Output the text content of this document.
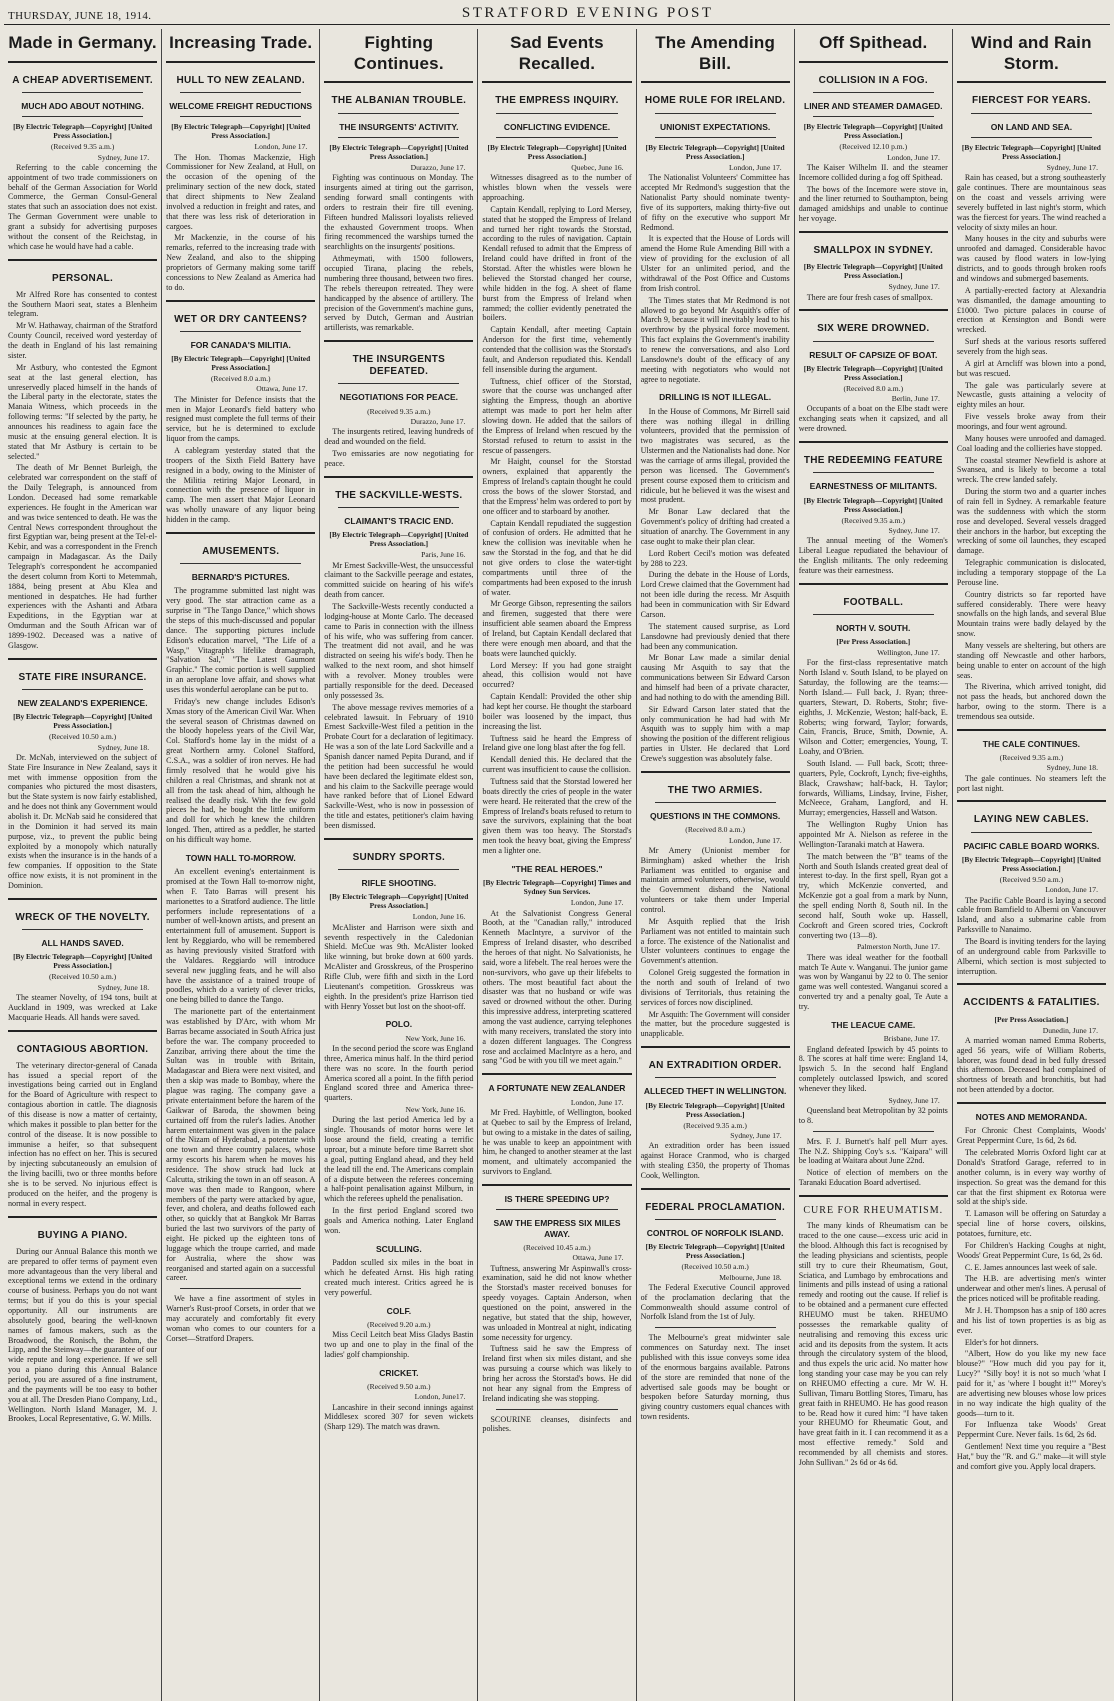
THURSDAY, JUNE 18, 1914.	STRATFORD EVENING POST
Made in Germany.
A CHEAP ADVERTISEMENT.
MUCH ADO ABOUT NOTHING.
[By Electric Telegraph—Copyright] [United Press Association.]
(Received 9.35 a.m.)
Sydney, June 17.

Referring to the cable concerning the appointment of two trade commissioners on behalf of the German Association for World Commerce, the German Consul-General states that such an association does not exist. The German Government were unable to grant a subsidy for advertising purposes without the consent of the Reichstag, in which case he would have had a cable.

PERSONAL.

Mr Alfred Rore has consented to contest the Southern Maori seat, states a Blenheim telegram.

Mr W. Hathaway, chairman of the Stratford County Council, received word yesterday of the death in England of his last remaining sister.

Mr Astbury, who contested the Egmont seat at the last general election, has unreservedly placed himself in the hands of the Liberal party in the electorate, states the Manaia Witness, which proceeds in the following terms: "If selected by the party, he announces his readiness to again face the music at the ensuing general election. It is stated that Mr Astbury is certain to be selected."

The death of Mr Bennet Burleigh, the celebrated war correspondent on the staff of the Daily Telegraph, is announced from London. Deceased had some remarkable experiences. He fought in the American war and was twice sentenced to death. He was the Central News correspondent throughout the first Egyptian war, being present at the Tel-el-Kebir, and was a correspondent in the French campaign in Madagascar. As the Daily Telegraph's correspondent he accompanied the desert column from Korti to Metemmah, 1884, being present at Abu Klea and mentioned in despatches. He had further experiences with the Ashanti and Atbara Expeditions, in the Egyptian war at Omdurman and the South African war of 1899-1902. Deceased was a native of Glasgow.

STATE FIRE INSURANCE.
NEW ZEALAND'S EXPERIENCE.
[By Electric Telegraph—Copyright] [United Press Association.]
(Received 10.50 a.m.)
Sydney, June 18.

Dr. McNab, interviewed on the subject of State Fire Insurance in New Zealand, says it met with immense opposition from the companies who pictured the most disasters, but the State system is now fairly established, and he does not think any Government would abolish it. Dr. McNab said he considered that in the Dominion it had served its main purpose, viz., to prevent the public being exploited by a monopoly which naturally exists when the insurance is in the hands of a few companies. If opposition to the State office now exists, it is not prominent in the Dominion.

WRECK OF THE NOVELTY.
ALL HANDS SAVED.
[By Electric Telegraph—Copyright] [United Press Association.]
(Received 10.50 a.m.)
Sydney, June 18.

The steamer Novelty, of 194 tons, built at Auckland in 1909, was wrecked at Lake Macquarie Heads. All hands were saved.

CONTAGIOUS ABORTION.

The veterinary director-general of Canada has issued a special report of the investigations being carried out in England for the Board of Agriculture with respect to contagious abortion in cattle. The diagnosis of this disease is now a matter of certainty, which makes it possible to plan better for the control of the disease. It is now possible to immunise a heifer, so that subsequent infection has no effect on her. This is secured by injecting subcutaneously an emulsion of the living bacilli, two or three months before she is to be served. No injurious effect is produced on the heifer, and the progeny is normal in every respect.

BUYING A PIANO.

During our Annual Balance this month we are prepared to offer terms of payment even more advantageous than the very liberal and exceptional terms we extend in the ordinary course of business. Perhaps you do not want terms; but if you do this is your special opportunity. All our instruments are absolutely good, bearing the well-known names of famous makers, such as the Broadwood, the Ronisch, the Bohm, the Lipp, and the Steinway—the guarantee of our wide repute and long experience. If we sell you a piano during this Annual Balance period, you are assured of a fine instrument, and the payments will be too easy to bother you at all. The Dresden Piano Company, Ltd., Wellington. North Island Manager, M. J. Brookes, Local Representative, G. W. Mills.

Increasing Trade.
HULL TO NEW ZEALAND.
WELCOME FREIGHT REDUCTIONS
[By Electric Telegraph—Copyright] [United Press Association.]
London, June 17.

The Hon. Thomas Mackenzie, High Commissioner for New Zealand, at Hull, on the occasion of the opening of the preliminary section of the new dock, stated that direct shipments to New Zealand involved a reduction in freight and rates, and that there was less risk of deterioration in cargoes.

Mr Mackenzie, in the course of his remarks, referred to the increasing trade with New Zealand, and also to the shipping proprietors of Germany making some tariff concessions to New Zealand as America had to do.

WET OR DRY CANTEENS?
FOR CANADA'S MILITIA.
[By Electric Telegraph—Copyright] [United Press Association.]
(Received 8.0 a.m.)
Ottawa, June 17.

The Minister for Defence insists that the men in Major Leonard's field battery who resigned must complete the full terms of their service, but he is determined to exclude liquor from the camps.

A cablegram yesterday stated that the troopers of the Sixth Field Battery have resigned in a body, owing to the Minister of the Militia retiring Major Leonard, in connection with the presence of liquor in camp. The men assert that Major Leonard was wholly unaware of any liquor being hidden in the camp.

AMUSEMENTS.
BERNARD'S PICTURES.

The programme submitted last night was very good. The star attraction came as a surprise in "The Tango Dance," which shows the steps of this much-discussed and popular dance. The supporting pictures include Edison's education marvel, "The Life of a Wasp," Vitagraph's lifelike dramagraph, "Salvation Sal," "The Latest Gaumont Graphic." The comic portion is well supplied in an aeroplane love affair, and shows what uses this wonderful aeroplane can be put to.

Friday's new change includes Edison's Xmas story of the American Civil War. When the several season of Christmas dawned on the bloody hopeless years of the Civil War, Col. Stafford's home lay in the midst of a great Northern army. Colonel Stafford, C.S.A., was a soldier of iron nerves. He had firmly resolved that he would give his children a real Christmas, and shrank not at all from the task ahead of him, although he realised the deadly risk. With the few gold pieces he had, he bought the little uniform and doll for which he knew the children longed. Then, attired as a peddler, he started on his difficult way home.

TOWN HALL TO-MORROW.

An excellent evening's entertainment is promised at the Town Hall to-morrow night, when F. Tato Barras will present his marionettes to a Stratford audience. The little performers include representations of a number of well-known artists, and present an entertainment full of amusement. Support is lent by Reggiardo, who will be remembered as having previously visited Stratford with the Valdares. Reggiardo will introduce several new juggling feats, and he will also have the assistance of a trained troupe of poodles, which do a variety of clever tricks, one being billed to dance the Tango.

The marionette part of the entertainment was established by D'Arc, with whom Mr Barras became associated in South Africa just before the war. The company proceeded to Zanzibar, arriving there about the time the Sultan was in trouble with Britain, Madagascar and Biera were next visited, and then a skip was made to Bombay, where the plague was raging. The company gave a private entertainment before the harem of the Gaikwar of Baroda, the showmen being curtained off from the ruler's ladies. Another harem entertainment was given in the palace of the Nizam of Hyderabad, a potentate with one town and three country palaces, whose army escorts his harem when he moves his residence. The show struck had luck at Calcutta, striking the town in an off season. A move was then made to Rangoon, where members of the party were attacked by ague, fever, and cholera, and deaths followed each other, so quickly that at Bangkok Mr Barras buried the last two survivors of the party of eight. He picked up the eighteen tons of luggage which the troupe carried, and made for Australia, where the show was reorganised and started again on a successful career.

We have a fine assortment of styles in Warner's Rust-proof Corsets, in order that we may accurately and comfortably fit every woman who comes to our counters for a Corset—Stratford Drapers.

Fighting Continues.
THE ALBANIAN TROUBLE.
THE INSURGENTS' ACTIVITY.
[By Electric Telegraph—Copyright] [United Press Association.]
Durazzo, June 17.

Fighting was continuous on Monday. The insurgents aimed at tiring out the garrison, sending forward small contingents with orders to restrain their fire till evening. Fifteen hundred Malissori loyalists relieved the exhausted Government troops. When firing recommenced the warships turned the searchlights on the insurgents' positions.

Athmeymati, with 1500 followers, occupied Tirana, placing the rebels, numbering three thousand, between two fires. The rebels thereupon retreated. They were handicapped by the absence of artillery. The precision of the Government's machine guns, served by Dutch, German and Austrian artillerists, was remarkable.

THE INSURGENTS DEFEATED.
NEGOTIATIONS FOR PEACE.
(Received 9.35 a.m.)
Durazzo, June 17.

The insurgents retired, leaving hundreds of dead and wounded on the field.

Two emissaries are now negotiating for peace.

THE SACKVILLE-WESTS.
CLAIMANT'S TRACIC END.
[By Electric Telegraph—Copyright] [United Press Association.]
Paris, June 16.

Mr Ernest Sackville-West, the unsuccessful claimant to the Sackville peerage and estates, committed suicide on hearing of his wife's death from cancer.

The Sackville-Wests recently conducted a lodging-house at Monte Carlo. The deceased came to Paris in connection with the illness of his wife, who was suffering from cancer. The treatment did not avail, and he was distracted on seeing his wife's body. Then he walked to the next room, and shot himself with a revolver. Money troubles were partially responsible for the deed. Deceased only possessed 3s.

The above message revives memories of a celebrated lawsuit. In February of 1910 Ernest Sackville-West filed a petition in the Probate Court for a declaration of legitimacy. He was a son of the late Lord Sackville and a Spanish dancer named Pepita Durand, and if the petition had been successful he would have been declared the legitimate eldest son, and his claim to the Sackville peerage would have ranked before that of Lionel Edward Sackville-West, who is now in possession of the title and estates, petitioner's claim having been dismissed.

SUNDRY SPORTS.
RIFLE SHOOTING.
[By Electric Telegraph—Copyright] [United Press Association.]
London, June 16.

McAlister and Harrison were sixth and seventh respectively in the Caledonian Shield. McCue was 9th. McAlister looked like winning, but broke down at 600 yards. McAlister and Grosskreus, of the Prosperino Rifle Club, were fifth and sixth in the Lord Lieutenant's competition. Grosskreus was eighth. In the president's prize Harrison tied with Henry Yosset but lost on the shoot-off.

POLO.
New York, June 16.

In the second period the score was England three, America minus half. In the third period there was no score. In the fourth period America scored all a point. In the fifth period England scored three and America three-quarters.

New York, June 16.

During the last period America led by a single. Thousands of motor horns were let loose around the field, creating a terrific uproar, but a minute before time Barrett shot a goal, putting England ahead, and they held the lead till the end. The Americans complain of a dispute between the referees concerning a half-point penalisation against Milburn, in which the referees upheld the penalisation.

In the first period England scored two goals and America nothing. Later England won.

SCULLING.

Paddon sculled six miles in the boat in which he defeated Arnst. His high rating created much interest. Critics agreed he is very powerful.

COLF.
(Received 9.20 a.m.)

Miss Cecil Leitch beat Miss Gladys Bastin two up and one to play in the final of the ladies' golf championship.

CRICKET.
(Received 9.50 a.m.)
London, June17.

Lancashire in their second innings against Middlesex scored 307 for seven wickets (Sharp 129). The match was drawn.

Sad Events Recalled.
THE EMPRESS INQUIRY.
CONFLICTING EVIDENCE.
[By Electric Telegraph—Copyright] [United Press Association.]
Quebec, June 16.

Witnesses disagreed as to the number of whistles blown when the vessels were approaching.

Captain Kendall, replying to Lord Mersey, stated that he stopped the Empress of Ireland and turned her right towards the Storstad, according to the rules of navigation. Captain Kendall refused to admit that the Empress of Ireland could have drifted in front of the Storstad. After the whistles were blown he believed the Storstad changed her course, while hidden in the fog. A sheet of flame burst from the Empress of Ireland when rammed; the collier evidently penetrated the boilers.

Captain Kendall, after meeting Captain Anderson for the first time, vehemently contended that the collision was the Storstad's fault, and Anderson repudiated this. Kendall fell insensible during the argument.

Tuftness, chief officer of the Storstad, swore that the course was unchanged after sighting the Empress, though an abortive attempt was made to port her helm after slowing down. He added that the sailors of the Empress of Ireland when rescued by the Storstad refused to return to assist in the rescue of passengers.

Mr Haight, counsel for the Storstad owners, explained that apparently the Empress of Ireland's captain thought he could cross the bows of the slower Storstad, and that the Empress' helm was ordered to port by one officer and to starboard by another.

Captain Kendall repudiated the suggestion of confusion of orders. He admitted that he knew the collision was inevitable when he saw the Storstad in the fog, and that he did not give orders to close the water-tight compartments until three of the compartments had been exposed to the inrush of water.

Mr George Gibson, representing the sailors and firemen, suggested that there were insufficient able seamen aboard the Empress of Ireland, but Captain Kendall declared that there were enough men aboard, and that the boats were launched quickly.

Lord Mersey: If you had gone straight ahead, this collision would not have occurred?

Captain Kendall: Provided the other ship had kept her course. He thought the starboard boiler was loosened by the impact, thus increasing the list.

Tuftness said he heard the Empress of Ireland give one long blast after the fog fell.

Kendall denied this. He declared that the current was insufficient to cause the collision.

Tuftness said that the Storstad lowered her boats directly the cries of people in the water were heard. He reiterated that the crew of the Empress of Ireland's boats refused to return to save the survivors, explaining that the boat given them was too heavy. The Storstad's men took the heavy boat, giving the Empress' men a lighter one.

"THE REAL HEROES."
[By Electric Telegraph—Copyright] Times and Sydney Sun Services.
London, June 17.

At the Salvationist Congress General Booth, at the "Canadian rally," introduced Kenneth MacIntyre, a survivor of the Empress of Ireland disaster, who described the heroes of that night. No Salvationists, he said, wore a lifebelt. The real heroes were the non-survivors, who gave up their lifebelts to others. The most beautiful fact about the disaster was that no husband or wife was saved or drowned without the other. During this impressive address, interpreting scattered among the vast audience, carrying telephones with many receivers, translated the story into a dozen different languages. The Congress rose and acclaimed MacIntyre as a hero, and sang "God be with you till we meet again."

A FORTUNATE NEW ZEALANDER
London, June 17.

Mr Fred. Haybittle, of Wellington, booked at Quebec to sail by the Empress of Ireland, but owing to a mistake in the dates of sailing, he was unable to keep an appointment with him, he changed to another steamer at the last moment, and ultimately accompanied the survivors to England.

IS THERE SPEEDING UP?
SAW THE EMPRESS SIX MILES AWAY.
(Received 10.45 a.m.)
Ottawa, June 17.

Tuftness, answering Mr Aspinwall's cross-examination, said he did not know whether the Storstad's master received bonuses for speedy voyages. Captain Anderson, when questioned on the point, answered in the negative, but stated that the ship, however, was unloaded in Montreal at night, indicating some necessity for urgency.

Tuftness said he saw the Empress of Ireland first when six miles distant, and she was pursuing a course which was likely to bring her across the Storstad's bows. He did not hear any signal from the Empress of Ireland indicating she was stopping.

SCOURINE cleanses, disinfects and polishes.

The Amending Bill.
HOME RULE FOR IRELAND.
UNIONIST EXPECTATIONS.
[By Electric Telegraph—Copyright] [United Press Association.]
London, June 17.

The Nationalist Volunteers' Committee has accepted Mr Redmond's suggestion that the Nationalist Party should nominate twenty-five of its supporters, making thirty-five out of fifty on the executive who support Mr Redmond.

It is expected that the House of Lords will amend the Home Rule Amending Bill with a view of providing for the exclusion of all Ulster for an unlimited period, and the withdrawal of the Post Office and Customs from Irish control.

The Times states that Mr Redmond is not allowed to go beyond Mr Asquith's offer of March 9, because it will inevitably lead to his overthrow by the physical force movement. This fact explains the Government's inability to renew the conversations, and also Lord Lansdowne's doubt of the efficacy of any meeting with negotiators who would not agree to negotiate.

DRILLING IS NOT ILLEGAL.

In the House of Commons, Mr Birrell said there was nothing illegal in drilling volunteers, provided that the permission of two magistrates was secured, as the Ulstermen and the Nationalists had done. Nor was the carriage of arms illegal, provided the person was licensed. The Government's present course exposed them to criticism and ridicule, but he believed it was the wisest and most prudent.

Mr Bonar Law declared that the Government's policy of drifting had created a situation of anarchy. The Government in any case ought to make their plan clear.

Lord Robert Cecil's motion was defeated by 288 to 223.

During the debate in the House of Lords, Lord Crewe claimed that the Government had not been idle during the recess. Mr Asquith had been in communication with Sir Edward Carson.

The statement caused surprise, as Lord Lansdowne had previously denied that there had been any communication.

Mr Bonar Law made a similar denial causing Mr Asquith to say that the communications between Sir Edward Carson and himself had been of a private character, and had nothing to do with the amending Bill.

Sir Edward Carson later stated that the only communication he had had with Mr Asquith was to supply him with a map showing the position of the different religious parties in Ulster. He declared that Lord Crewe's suggestion was absolutely false.

THE TWO ARMIES.
QUESTIONS IN THE COMMONS.
(Received 8.0 a.m.)
London, June 17.

Mr Amery (Unionist member for Birmingham) asked whether the Irish Parliament was entitled to organise and maintain armed volunteers, otherwise, would the Government disband the National volunteers or take them under Imperial control.

Mr Asquith replied that the Irish Parliament was not entitled to maintain such a force. The existence of the Nationalist and Ulster volunteers continues to engage the Government's attention.

Colonel Greig suggested the formation in the north and south of Ireland of two divisions of Territorials, thus retaining the services of forces now disciplined.

Mr Asquith: The Government will consider the matter, but the procedure suggested is unapplicable.

AN EXTRADITION ORDER.
ALLECED THEFT IN WELLINGTON.
[By Electric Telegraph—Copyright] [United Press Association.]
(Received 9.35 a.m.)
Sydney, June 17.

An extradition order has been issued against Horace Cranmod, who is charged with stealing £350, the property of Thomas Cook, Wellington.

FEDERAL PROCLAMATION.
CONTROL OF NORFOLK ISLAND.
[By Electric Telegraph—Copyright] [United Press Association.]
(Received 10.50 a.m.)
Melbourne, June 18.

The Federal Executive Council approved of the proclamation declaring that the Commonwealth should assume control of Norfolk Island from the 1st of July.

The Melbourne's great midwinter sale commences on Saturday next. The inset published with this issue conveys some idea of the enormous bargains available. Patrons of the store are reminded that none of the advertised sale goods may be bought or bespoken before Saturday morning, thus giving country customers equal chances with town residents.

Off Spithead.
COLLISION IN A FOG.
LINER AND STEAMER DAMAGED.
[By Electric Telegraph—Copyright] [United Press Association.]
(Received 12.10 p.m.)
London, June 17.

The Kaiser Wilhelm II. and the steamer Incemore collided during a fog off Spithead.

The bows of the Incemore were stove in, and the liner returned to Southampton, being damaged amidships and unable to continue her voyage.

SMALLPOX IN SYDNEY.
[By Electric Telegraph—Copyright] [United Press Association.]
Sydney, June 17.

There are four fresh cases of smallpox.

SIX WERE DROWNED.
RESULT OF CAPSIZE OF BOAT.
[By Electric Telegraph—Copyright] [United Press Association.]
(Received 8.0 a.m.)
Berlin, June 17.

Occupants of a boat on the Elbe stadt were exchanging seats when it capsized, and all were drowned.

THE REDEEMING FEATURE
EARNESTNESS OF MILITANTS.
[By Electric Telegraph—Copyright] [United Press Association.]
(Received 9.35 a.m.)
Sydney, June 17.

The annual meeting of the Women's Liberal League repudiated the behaviour of the English militants. The only redeeming feature was their earnestness.

FOOTBALL.
NORTH V. SOUTH.
[Per Press Association.]
Wellington, June 17.

For the first-class representative match North Island v. South Island, to be played on Saturday, the following are the teams:—North Island.— Full back, J. Ryan; three-quarters, Stewart, D. Roberts, Stohr; five-eighths, J. McKenzie, Weston; half-back, E. Roberts; wing forward, Taylor; forwards, Cain, Francis, Bruce, Smith, Downie, A. Wilson and Cotter; emergencies, Young, T. Loahy, and O'Brien.

South Island. — Full back, Scott; three-quarters, Pyle, Cockroft, Lynch; five-eighths, Black, Crawshaw; half-back, H. Taylor; forwards, Williams, Lindsay, Irvine, Fisher, McNeece, Graham, Langford, and H. Murray; emergencies, Hassell and Watson.

The Wellington Rugby Union has appointed Mr A. Nielson as referee in the Wellington-Taranaki match at Hawera.

The match between the "B" teams of the North and South Islands created great deal of interest to-day. In the first spell, Ryan got a try, which McKenzie converted, and McKenzie got a goal from a mark by Nunn, the spell ending North 8, South nil. In the second half, South woke up. Hassell, Cockroft and Green scored tries, Cockroft converting two (13—8).

Palmerston North, June 17.

There was ideal weather for the football match Te Aute v. Wanganui. The junior game was won by Wanganui by 22 to 0. The senior game was well contested. Wanganui scored a converted try and a penalty goal, Te Aute a try.

THE LEACUE CAME.
Brisbane, June 17.

England defeated Ipswich by 45 points to 8. The scores at half time were: England 14, Ipswich 5. In the second half England completely outclassed Ipswich, and scored whenever they liked.

Sydney, June 17.

Queensland beat Metropolitan by 32 points to 8.

Mrs. F. J. Burnett's half pell Murr ayes. The N.Z. Shipping Coy's s.s. "Kaipara" will be loading at Waitara about June 22nd.

Notice of election of members on the Taranaki Education Board advertised.

CURE FOR RHEUMATISM.

The many kinds of Rheumatism can be traced to the one cause—excess uric acid in the blood. Although this fact is recognised by the leading physicians and scientists, people still try to cure their Rheumatism, Gout, Sciatica, and Lumbago by embrocations and liniments and pills instead of using a rational remedy and rooting out the cause. If relief is to be obtained and a permanent cure effected RHEUMO must be taken. RHEUMO possesses the remarkable quality of neutralising and removing this excess uric acid and its deposits from the system. It acts through the circulatory system of the blood, and thus expels the uric acid. No matter how long standing your case may be you can rely on RHEUMO effecting a cure. Mr W. H. Sullivan, Timaru Bottling Stores, Timaru, has great faith in RHEUMO. He has good reason to be. Read how it cured him: "I have taken your RHEUMO for Rheumatic Gout, and have great faith in it. I can recommend it as a most effective remedy." Sold and recommended by all chemists and stores. John Sullivan." 2s 6d or 4s 6d.

Wind and Rain Storm.
FIERCEST FOR YEARS.
ON LAND AND SEA.
[By Electric Telegraph—Copyright] [United Press Association.]
Sydney, June 17.

Rain has ceased, but a strong southeasterly gale continues. There are mountainous seas on the coast and vessels arriving were severely buffeted in last night's storm, which was the fiercest for years. The wind reached a velocity of sixty miles an hour.

Many houses in the city and suburbs were unroofed and damaged. Considerable havoc was caused by flood waters in low-lying districts, and to goods through broken roofs and windows and submerged basements.

A partially-erected factory at Alexandria was dismantled, the damage amounting to £1000. Two picture palaces in course of erection at Kensington and Bondi were wrecked.

Surf sheds at the various resorts suffered severely from the high seas.

A girl at Arncliff was blown into a pond, but was rescued.

The gale was particularly severe at Newcastle, gusts attaining a velocity of eighty miles an hour.

Five vessels broke away from their moorings, and four went aground.

Many houses were unroofed and damaged. Coal loading and the collieries have stopped.

The coastal steamer Newfield is ashore at Swansea, and is likely to become a total wreck. The crew landed safely.

During the storm two and a quarter inches of rain fell in Sydney. A remarkable feature was the suddenness with which the storm rose and developed. Several vessels dragged their anchors in the harbor, but excepting the wrecking of some oil launches, they escaped damage.

Telegraphic communication is dislocated, including a temporary stoppage of the La Perouse line.

Country districts so far reported have suffered considerably. There were heavy snowfalls on the high lands, and several Blue Mountain trains were badly delayed by the snow.

Many vessels are sheltering, but others are standing off Newcastle and other harbors, being unable to enter on account of the high seas.

The Riverina, which arrived tonight, did not pass the heads, but anchored down the harbor, owing to the storm. There is a tremendous sea outside.

THE CALE CONTINUES.
(Received 9.35 a.m.)
Sydney, June 18.

The gale continues. No steamers left the port last night.

LAYING NEW CABLES.
PACIFIC CABLE BOARD WORKS.
[By Electric Telegraph—Copyright] [United Press Association.]
(Received 9.50 a.m.)
London, June 17.

The Pacific Cable Board is laying a second cable from Bamfield to Alberni on Vancouver Island, and also a submarine cable from Parksville to Nanaimo.

The Board is inviting tenders for the laying of an underground cable from Parksville to Alberni, which section is most subjected to interruption.

ACCIDENTS & FATALITIES.
[Per Press Association.]
Dunedin, June 17.

A married woman named Emma Roberts, aged 56 years, wife of William Roberts, laborer, was found dead in bed fully dressed this afternoon. Deceased had complained of shortness of breath and bronchitis, but had not been attended by a doctor.

NOTES AND MEMORANDA.

For Chronic Chest Complaints, Woods' Great Peppermint Cure, 1s 6d, 2s 6d.

The celebrated Morris Oxford light car at Donald's Stratford Garage, referred to in another column, is in every way worthy of inspection. So great was the demand for this car that the first shipment ex Rotorua were sold at the ship's side.

T. Lamason will be offering on Saturday a special line of horse covers, oilskins, potatoes, furniture, etc.

For Children's Hacking Coughs at night, Woods' Great Peppermint Cure, 1s 6d, 2s 6d.

C. E. James announces last week of sale.

The H.B. are advertising men's winter underwear and other men's lines. A perusal of the prices noticed will be profitable reading.

Mr J. H. Thompson has a snip of 180 acres and his list of town properties is as big as ever.

Elder's for hot dinners.

"Albert, How do you like my new face blouse?" "How much did you pay for it, Lucy?" "Silly boy! it is not so much 'what I paid for it,' as 'where I bought it!'" Morey's are advertising new blouses whose low prices in no way indicate the high quality of the goods—turn to it.

For Influenza take Woods' Great Peppermint Cure. Never fails. 1s 6d, 2s 6d.

Gentlemen! Next time you require a "Best Hat," buy the "R. and G." make—it will style and comfort give you. Apply local drapers.
